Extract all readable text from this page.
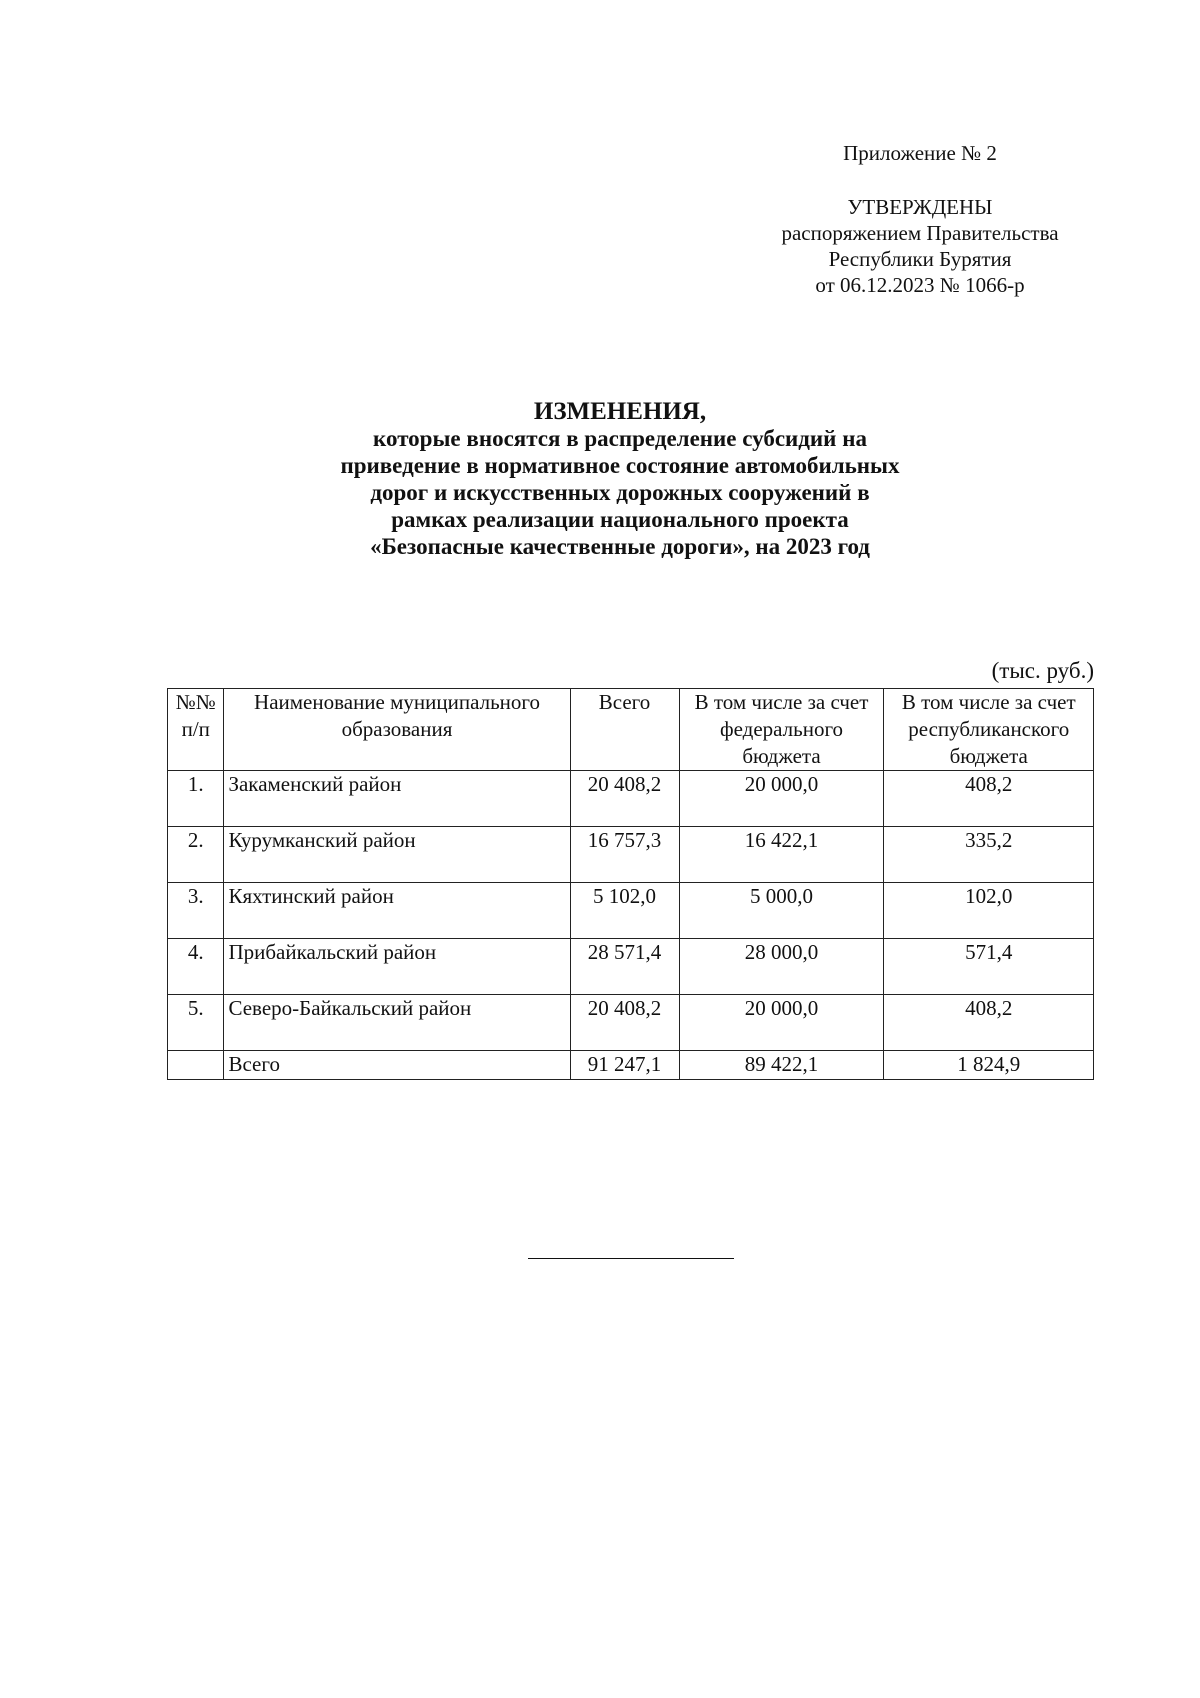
Приложение № 2
УТВЕРЖДЕНЫ
распоряжением Правительства
Республики Бурятия
от 06.12.2023 № 1066-р
ИЗМЕНЕНИЯ,
которые вносятся в распределение субсидий на
приведение в нормативное состояние автомобильных
дорог и искусственных дорожных сооружений в
рамках реализации национального проекта
«Безопасные качественные дороги», на 2023 год
(тыс. руб.)
№№ п/п	Наименование муниципального образования	Всего	В том числе за счет федерального бюджета	В том числе за счет республиканского бюджета
1.	Закаменский район	20 408,2	20 000,0	408,2
2.	Курумканский район	16 757,3	16 422,1	335,2
3.	Кяхтинский район	5 102,0	5 000,0	102,0
4.	Прибайкальский район	28 571,4	28 000,0	571,4
5.	Северо-Байкальский район	20 408,2	20 000,0	408,2
	Всего	91 247,1	89 422,1	1 824,9
